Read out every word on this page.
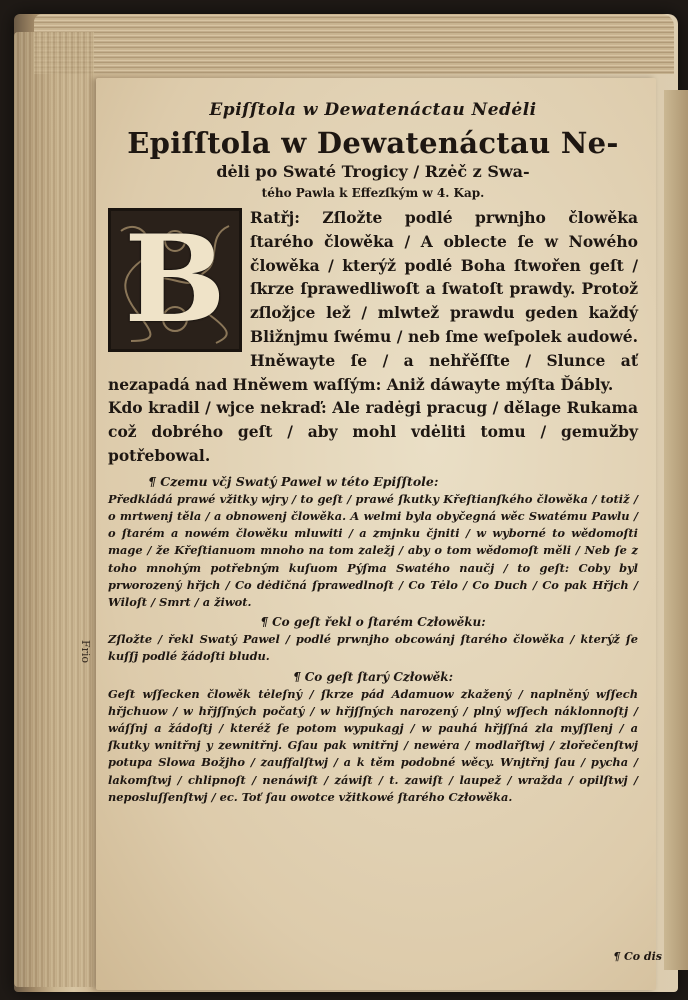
Frio
Epiſſtola w Dewatenáctau Nedėli
Epiſſtola w Dewatenáctau Ne-
dėli po Swaté Trogicy / Rzėč z Swa-
tého Pawla k Effezſkým w 4. Kap.
B	Ratřj: Zſložte podlé prwnjho člowěka ſtarého člowěka / A oblecte ſe w Nowého člowěka / kterýž podlé Boha ſtwořen geſt / ſkrze ſprawedliwoſt a ſwatoſt prawdy. Protož zſložjce lež / mlwtež prawdu geden každý Bližnjmu ſwému / neb ſme weſpolek audowé. Hněwayte ſe / a nehřěſſte / Slunce ať nezapadá nad Hněwem waſſým: Aniž dáwayte mýſta Ďábly.

Kdo kradil / wjce nekraď: Ale radėgi pracug / dělage Rukama což dobrého geſt / aby mohl vdėliti tomu / gemužby potřebowal.

¶ Czemu včj Swatý Pawel w této Epiſſtole:

Předkládá prawé vžitky wjry / to geſt / prawé ſkutky Křeſtianſkého člowěka / totiž / o mrtwenj těla / a obnowenj člowěka. A welmi byla obyčegná wěc Swatému Pawlu / o ſtarém a nowém člowěku mluwiti / a zmjnku čjniti / w wyborné to wědomoſti mage / že Křeſtianuom mnoho na tom zaležj / aby o tom wědomoſt měli / Neb ſe z toho mnohým potřebným kuſuom Pýſma Swatého naučj / to geſt: Coby byl prworozený hřjch / Co dėdičná ſprawedlnoſt / Co Tėlo / Co Duch / Co pak Hřjch / Wiloſt / Smrt / a žiwot.

¶ Co geſt řekl o ſtarém Człowěku:

Zſložte / řekl Swatý Pawel / podlé prwnjho obcowánj ſtarého člowěka / kterýž ſe kuſſj podlé žádoſti bludu.

¶ Co geſt ſtarý Człowěk:

Geſt wſſecken člowěk tėleſný / ſkrze pád Adamuow zkažený / naplněný wſſech hřjchuow / w hřjſſných počatý / w hřjſſných narozený / plný wſſech náklonnoſtj / wáſſnj a žádoſtj / kteréž ſe potom wypukagj / w pauhá hřjſſná zla myſſlenj / a ſkutky wnitřnj y zewnitřnj. Gſau pak wnitřnj / newėra / modlařſtwj / zlořečenſtwj potupa Slowa Božjho / zauffalſtwj / a k těm podobné wěcy. Wnjtřnj ſau / pycha / lakomſtwj / chlipnoſt / nenáwiſt / záwiſt / t. zawiſt / laupež / wražda / opilſtwj / neposluſſenſtwj / ec. Toť ſau owotce vžitkowé ſtarého Człowěka.

¶ Co dis
